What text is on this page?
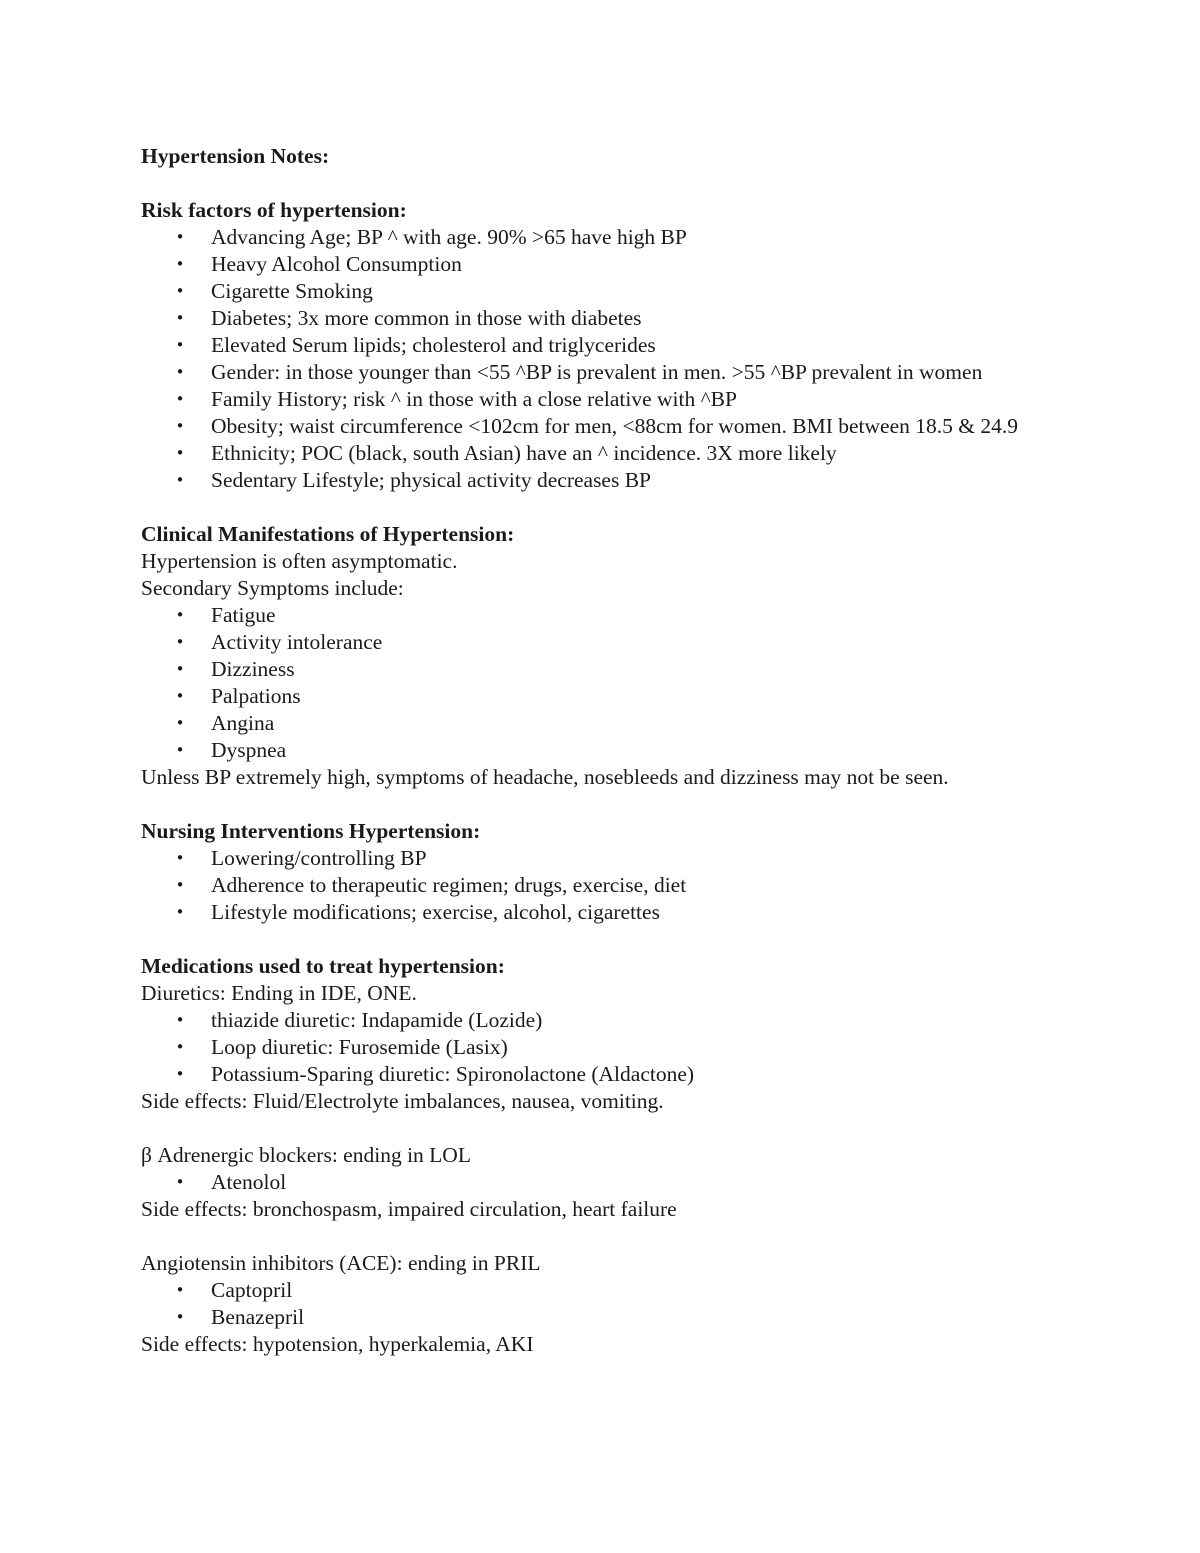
Hypertension Notes:

Risk factors of hypertension:

• Advancing Age; BP ^ with age. 90% >65 have high BP
• Heavy Alcohol Consumption
• Cigarette Smoking
• Diabetes; 3x more common in those with diabetes
• Elevated Serum lipids; cholesterol and triglycerides
• Gender: in those younger than <55 ^BP is prevalent in men. >55 ^BP prevalent in women
• Family History; risk ^ in those with a close relative with ^BP
• Obesity; waist circumference <102cm for men, <88cm for women. BMI between 18.5 & 24.9
• Ethnicity; POC (black, south Asian) have an ^ incidence. 3X more likely
• Sedentary Lifestyle; physical activity decreases BP

Clinical Manifestations of Hypertension:

Hypertension is often asymptomatic.

Secondary Symptoms include:

• Fatigue
• Activity intolerance
• Dizziness
• Palpations
• Angina
• Dyspnea

Unless BP extremely high, symptoms of headache, nosebleeds and dizziness may not be seen.

Nursing Interventions Hypertension:

• Lowering/controlling BP
• Adherence to therapeutic regimen; drugs, exercise, diet
• Lifestyle modifications; exercise, alcohol, cigarettes

Medications used to treat hypertension:

Diuretics: Ending in IDE, ONE.

• thiazide diuretic: Indapamide (Lozide)
• Loop diuretic: Furosemide (Lasix)
• Potassium-Sparing diuretic: Spironolactone (Aldactone)

Side effects: Fluid/Electrolyte imbalances, nausea, vomiting.

β Adrenergic blockers: ending in LOL

• Atenolol

Side effects: bronchospasm, impaired circulation, heart failure

Angiotensin inhibitors (ACE): ending in PRIL

• Captopril
• Benazepril

Side effects: hypotension, hyperkalemia, AKI
